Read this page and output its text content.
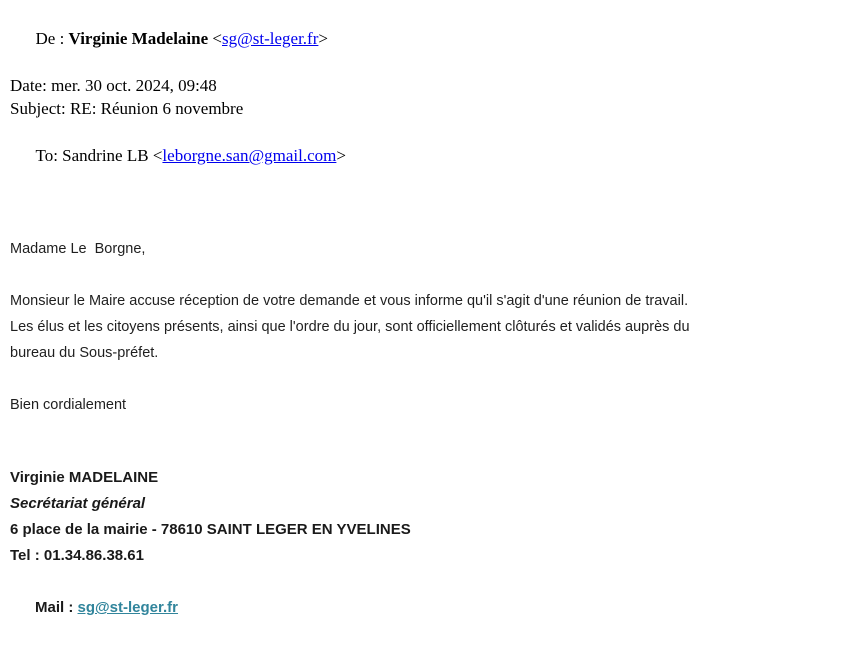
De : Virginie Madelaine <sg@st-leger.fr>

Date: mer. 30 oct. 2024, 09:48
Subject: RE: Réunion 6 novembre

To: Sandrine LB <leborgne.san@gmail.com>

Madame Le  Borgne,
Monsieur le Maire accuse réception de votre demande et vous informe qu'il s'agit d'une réunion de travail.
Les élus et les citoyens présents, ainsi que l'ordre du jour, sont officiellement clôturés et validés auprès du
bureau du Sous-préfet.
Bien cordialement
Virginie MADELAINE
Secrétariat général
6 place de la mairie - 78610 SAINT LEGER EN YVELINES
Tel : 01.34.86.38.61

Mail : sg@st-leger.fr
